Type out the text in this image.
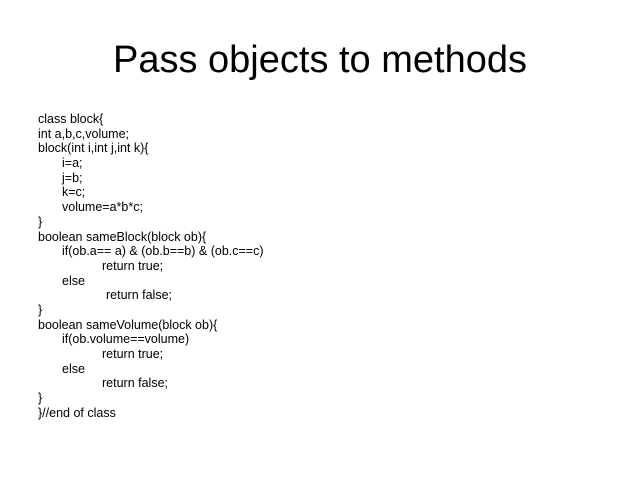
Pass objects to methods
class block{
int a,b,c,volume;
block(int i,int j,int k){
i=a;
j=b;
k=c;
volume=a*b*c;
}
boolean sameBlock(block ob){
if(ob.a== a) & (ob.b==b) & (ob.c==c)
return true;
else
return false;
}
boolean sameVolume(block ob){
if(ob.volume==volume)
return true;
else
return false;
}
}//end of class
